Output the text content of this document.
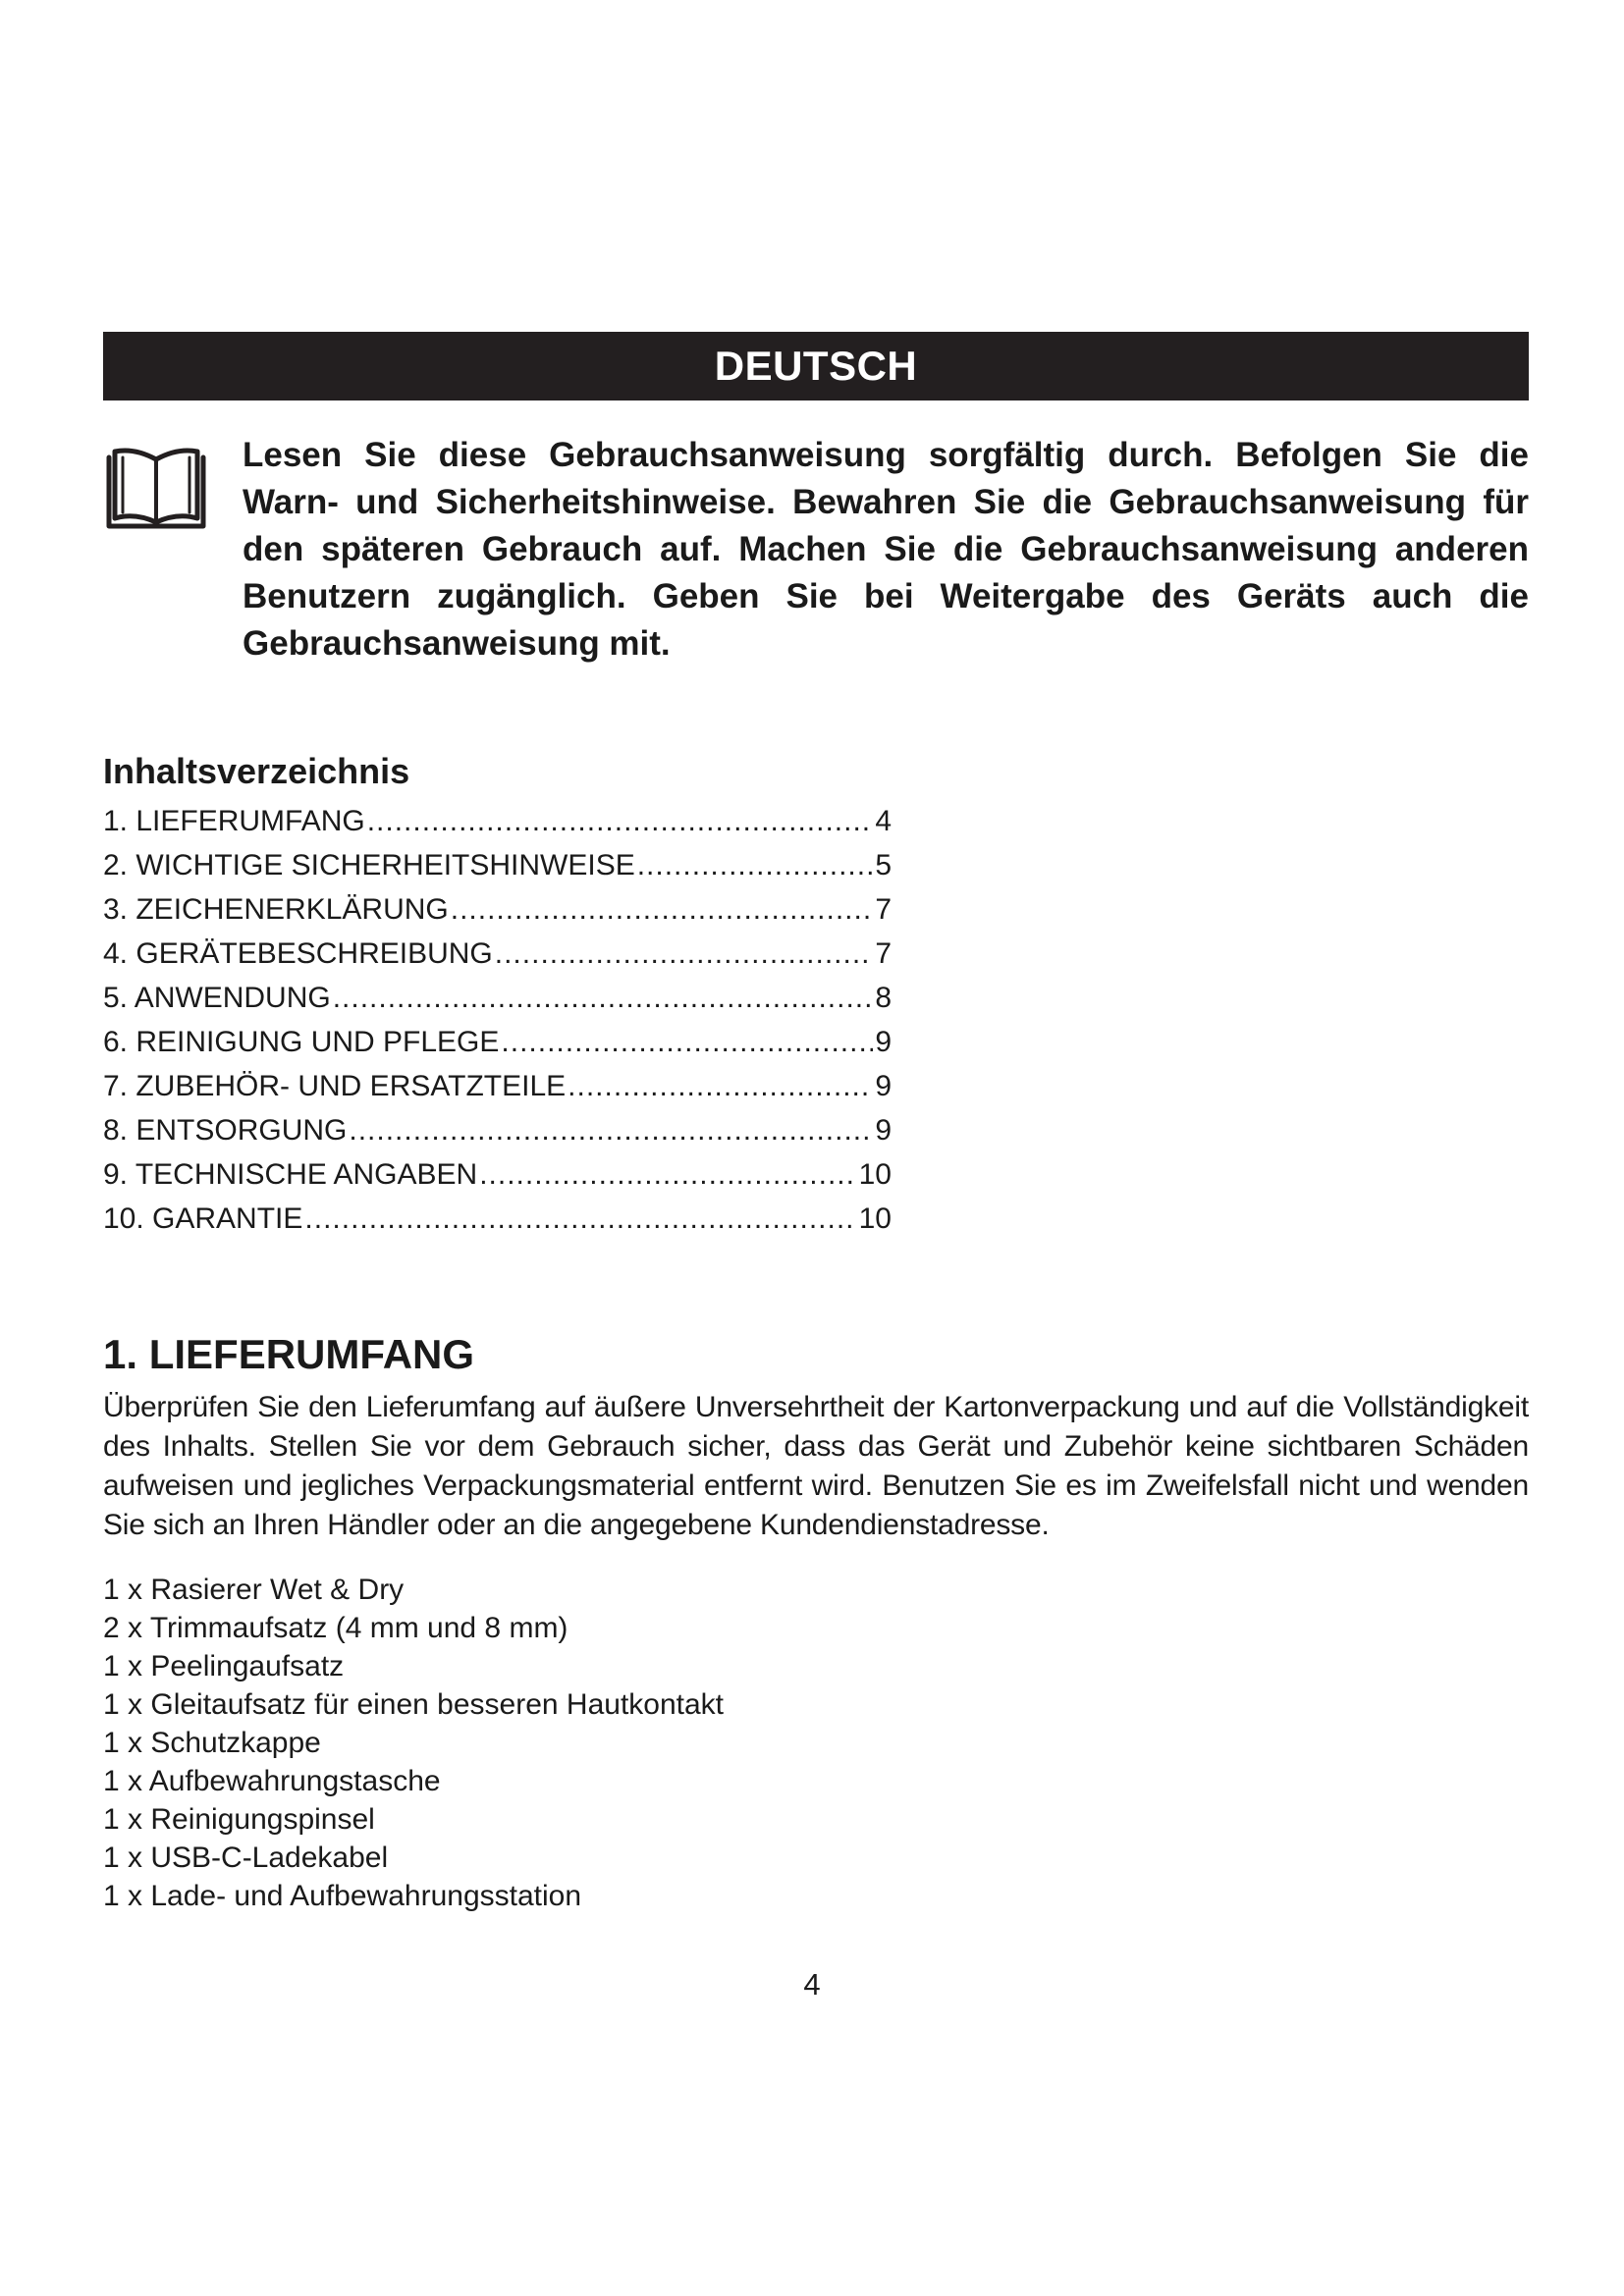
DEUTSCH
Lesen Sie diese Gebrauchsanweisung sorgfältig durch. Befolgen Sie die Warn- und Sicherheitshinweise. Bewahren Sie die Gebrauchsanweisung für den späteren Gebrauch auf. Machen Sie die Gebrauchsanweisung anderen Benutzern zugänglich. Geben Sie bei Weitergabe des Geräts auch die Gebrauchsanweisung mit.
Inhaltsverzeichnis
1. LIEFERUMFANG .....	4
2. WICHTIGE SICHERHEITSHINWEISE .....	5
3. ZEICHENERKLÄRUNG .....	7
4. GERÄTEBESCHREIBUNG .....	7
5. ANWENDUNG .....	8
6. REINIGUNG UND PFLEGE .....	9
7. ZUBEHÖR- UND ERSATZTEILE .....	9
8. ENTSORGUNG .....	9
9. TECHNISCHE ANGABEN .....	10
10. GARANTIE .....	10
1. LIEFERUMFANG

Überprüfen Sie den Lieferumfang auf äußere Unversehrtheit der Kartonverpackung und auf die Vollständigkeit des Inhalts. Stellen Sie vor dem Gebrauch sicher, dass das Gerät und Zubehör keine sichtbaren Schäden aufweisen und jegliches Verpackungsmaterial entfernt wird. Benutzen Sie es im Zweifelsfall nicht und wenden Sie sich an Ihren Händler oder an die angegebene Kundendienstadresse.

1 x Rasierer Wet & Dry
2 x Trimmaufsatz (4 mm und 8 mm)
1 x Peelingaufsatz
1 x Gleitaufsatz für einen besseren Hautkontakt
1 x Schutzkappe
1 x Aufbewahrungstasche
1 x Reinigungspinsel
1 x USB-C-Ladekabel
1 x Lade- und Aufbewahrungsstation
4
